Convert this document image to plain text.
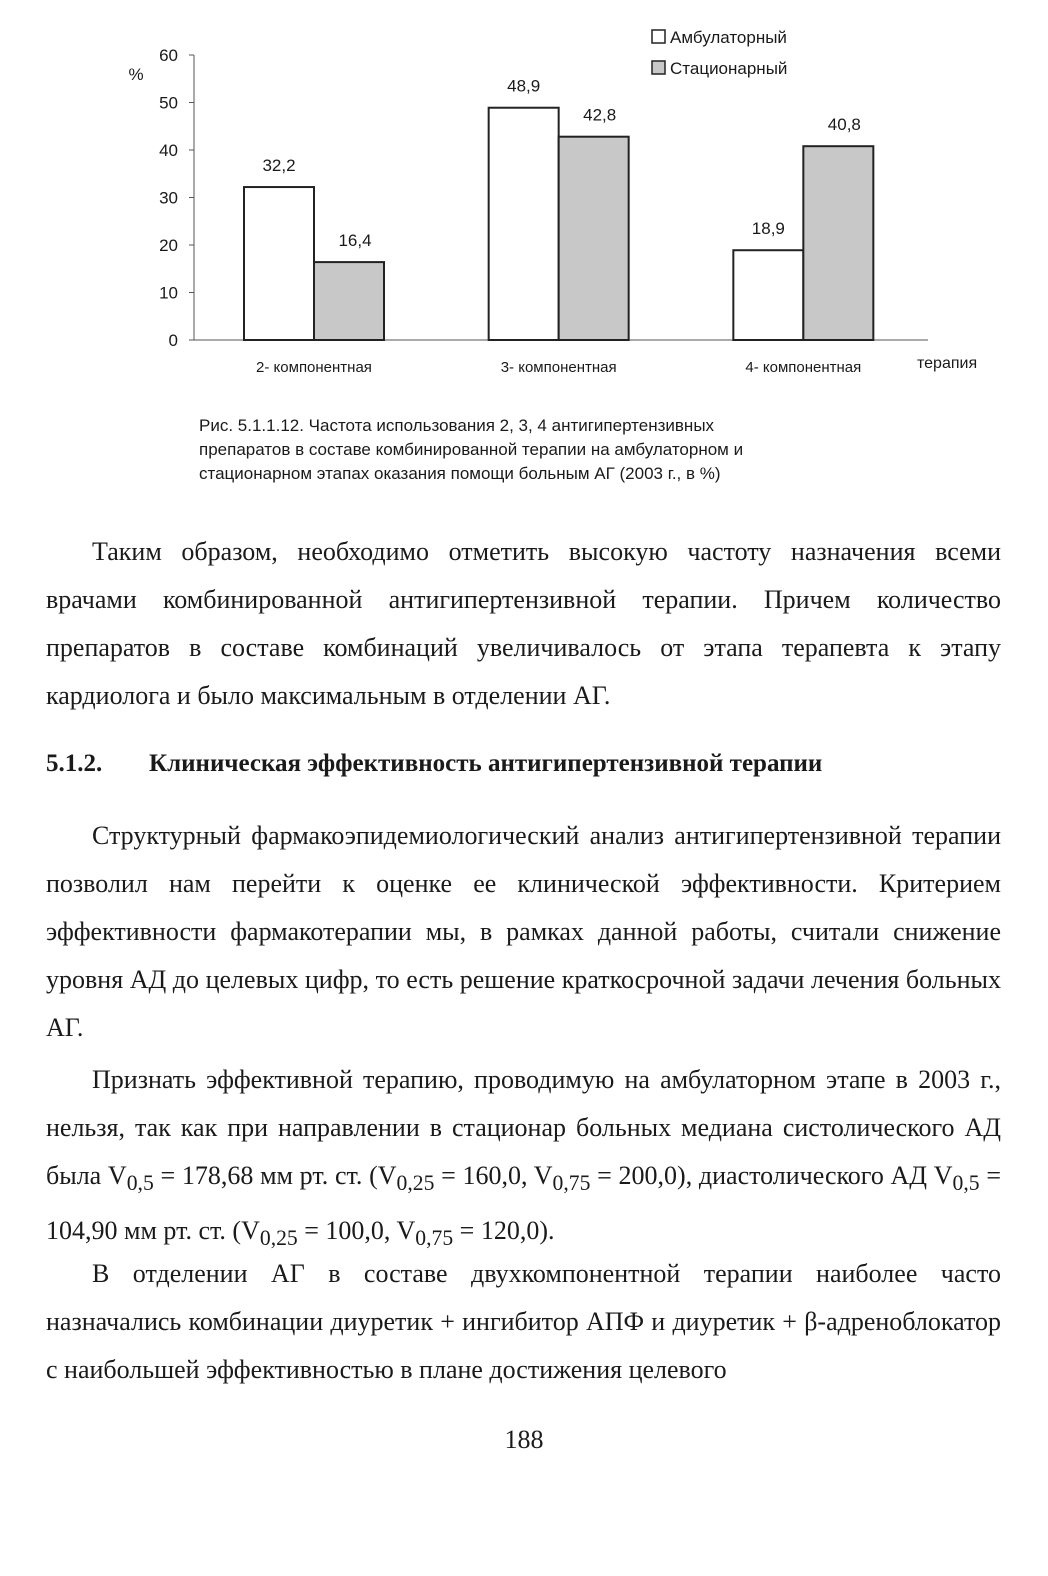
%
0
10
20
30
40
50
60
32,2
16,4
48,9
42,8
18,9
40,8
2- компонентная	3- компонентная	4- компонентная	терапия
Амбулаторный
Стационарный

Рис. 5.1.1.12. Частота использования 2, 3, 4 антигипертензивных

препаратов в составе комбинированной терапии на амбулаторном и

стационарном этапах оказания помощи больным АГ (2003 г., в %)

Таким образом, необходимо отметить высокую частоту назначения всеми врачами комбинированной антигипертензивной терапии. Причем количество препаратов в составе комбинаций увеличивалось от этапа терапевта к этапу кардиолога и было максимальным в отделении АГ.

5.1.2.	Клиническая эффективность антигипертензивной терапии

Структурный фармакоэпидемиологический анализ антигипертензивной терапии позволил нам перейти к оценке ее клинической эффективности. Критерием эффективности фармакотерапии мы, в рамках данной работы, считали снижение уровня АД до целевых цифр, то есть решение краткосрочной задачи лечения больных АГ.

Признать эффективной терапию, проводимую на амбулаторном этапе в 2003 г., нельзя, так как при направлении в стационар больных медиана систолического АД была $V_{0,5} = 178,68$ мм рт. ст. ($V_{0,25} = 160,0$, $V_{0,75} = 200,0$), диастолического АД $V_{0,5} = 104,90$ мм рт. ст. ($V_{0,25} = 100,0$, $V_{0,75} = 120,0$).

В отделении АГ в составе двухкомпонентной терапии наиболее часто назначались комбинации диуретик + ингибитор АПФ и диуретик + β-адреноблокатор с наибольшей эффективностью в плане достижения целевого

188
